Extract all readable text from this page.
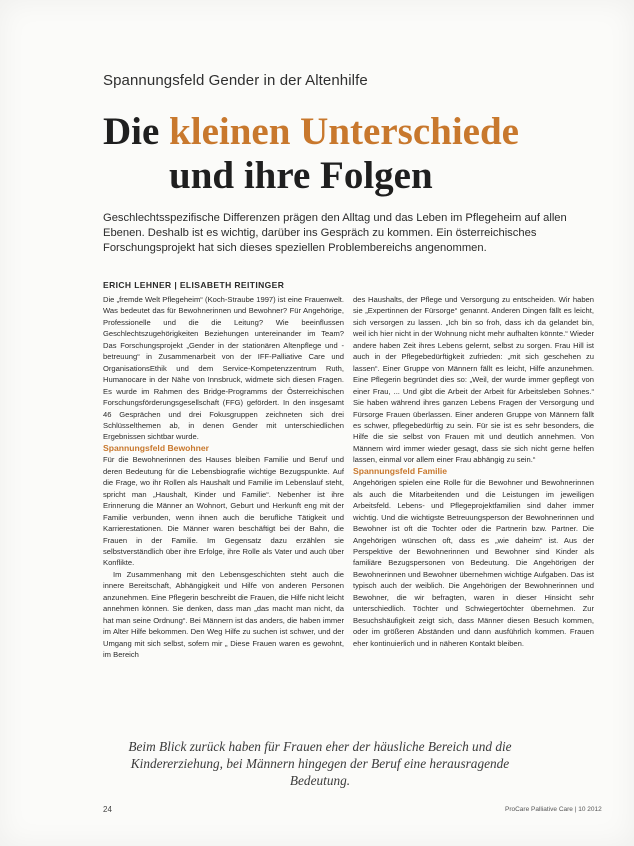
Spannungsfeld Gender in der Altenhilfe
Die kleinen Unterschiede
und ihre Folgen
Geschlechtsspezifische Differenzen prägen den Alltag und das Leben im Pflegeheim auf allen Ebenen. Deshalb ist es wichtig, darüber ins Gespräch zu kommen. Ein österreichisches Forschungsprojekt hat sich dieses speziellen Problembereichs angenommen.
ERICH LEHNER | ELISABETH REITINGER

Die „fremde Welt Pflegeheim“ (Koch-Straube 1997) ist eine Frauenwelt. Was bedeutet das für Bewohnerinnen und Bewohner? Für Angehörige, Professionelle und die die Leitung? Wie beeinflussen Geschlechtszugehörigkeiten Beziehungen untereinander im Team? Das Forschungsprojekt „Gender in der stationären Altenpflege und -betreuung“ in Zusammenarbeit von der IFF-Palliative Care und OrganisationsEthik und dem Service-Kompetenzzentrum Ruth, Humanocare in der Nähe von Innsbruck, widmete sich diesen Fragen. Es wurde im Rahmen des Bridge-Programms der Österreichischen Forschungsförderungsgesellschaft (FFG) gefördert. In den insgesamt 46 Gesprächen und drei Fokusgruppen zeichneten sich drei Schlüsselthemen ab, in denen Gender mit unterschiedlichen Ergebnissen sichtbar wurde.

Spannungsfeld Bewohner

Für die Bewohnerinnen des Hauses bleiben Familie und Beruf und deren Bedeutung für die Lebensbiografie wichtige Bezugspunkte. Auf die Frage, wo ihr Rollen als Haushalt und Familie im Lebenslauf steht, spricht man „Haushalt, Kinder und Familie“. Nebenher ist ihre Erinnerung die Männer an Wohnort, Geburt und Herkunft eng mit der Familie verbunden, wenn ihnen auch die berufliche Tätigkeit und Karrierestationen. Die Männer waren beschäftigt bei der Bahn, die Frauen in der Familie. Im Gegensatz dazu erzählen sie selbstverständlich über ihre Erfolge, ihre Rolle als Vater und auch über Konflikte.

Im Zusammenhang mit den Lebensgeschichten steht auch die innere Bereitschaft, Abhängigkeit und Hilfe von anderen Personen anzunehmen. Eine Pflegerin beschreibt die Frauen, die Hilfe nicht leicht annehmen können. Sie denken, dass man „das macht man nicht, da hat man seine Ordnung“. Bei Männern ist das anders, die haben immer im Alter Hilfe bekommen. Den Weg Hilfe zu suchen ist schwer, und der Umgang mit sich selbst, sofern mir „ Diese Frauen waren es gewohnt, im Bereich

des Haushalts, der Pflege und Versorgung zu entscheiden. Wir haben sie „Expertinnen der Fürsorge“ genannt. Anderen Dingen fällt es leicht, sich versorgen zu lassen. „Ich bin so froh, dass ich da gelandet bin, weil ich hier nicht in der Wohnung nicht mehr aufhalten könnte.“ Wieder andere haben Zeit ihres Lebens gelernt, selbst zu sorgen. Frau Hill ist auch in der Pflegebedürftigkeit zufrieden: „mit sich geschehen zu lassen“. Einer Gruppe von Männern fällt es leicht, Hilfe anzunehmen. Eine Pflegerin begründet dies so: „Weil, der wurde immer gepflegt von einer Frau, ... Und gibt die Arbeit der Arbeit für Arbeitsleben Sohnes.“ Sie haben während ihres ganzen Lebens Fragen der Versorgung und Fürsorge Frauen überlassen. Einer anderen Gruppe von Männern fällt es schwer, pflegebedürftig zu sein. Für sie ist es sehr besonders, die Hilfe die sie selbst von Frauen mit und deutlich annehmen. Von Männern wird immer wieder gesagt, dass sie sich nicht gerne helfen lassen, einmal vor allem einer Frau abhängig zu sein.“

Spannungsfeld Familie

Angehörigen spielen eine Rolle für die Bewohner und Bewohnerinnen als auch die Mitarbeitenden und die Leistungen im jeweiligen Arbeitsfeld. Lebens- und Pflegeprojektfamilien sind daher immer wichtig. Und die wichtigste Betreuungsperson der Bewohnerinnen und Bewohner ist oft die Tochter oder die Partnerin bzw. Partner. Die Angehörigen wünschen oft, dass es „wie daheim“ ist. Aus der Perspektive der Bewohnerinnen und Bewohner sind Kinder als familiäre Bezugspersonen von Bedeutung. Die Angehörigen der Bewohnerinnen und Bewohner übernehmen wichtige Aufgaben. Das ist typisch auch der weiblich. Die Angehörigen der Bewohnerinnen und Bewohner, die wir befragten, waren in dieser Hinsicht sehr unterschiedlich. Töchter und Schwiegertöchter übernehmen. Zur Besuchshäufigkeit zeigt sich, dass Männer diesen Besuch kommen, oder im größeren Abständen und dann ausführlich kommen. Frauen eher kontinuierlich und in näheren Kontakt bleiben.

Beim Blick zurück haben für Frauen eher der häusliche Bereich und die Kindererziehung, bei Männern hingegen der Beruf eine herausragende Bedeutung.
24	ProCare Palliative Care | 10 2012
